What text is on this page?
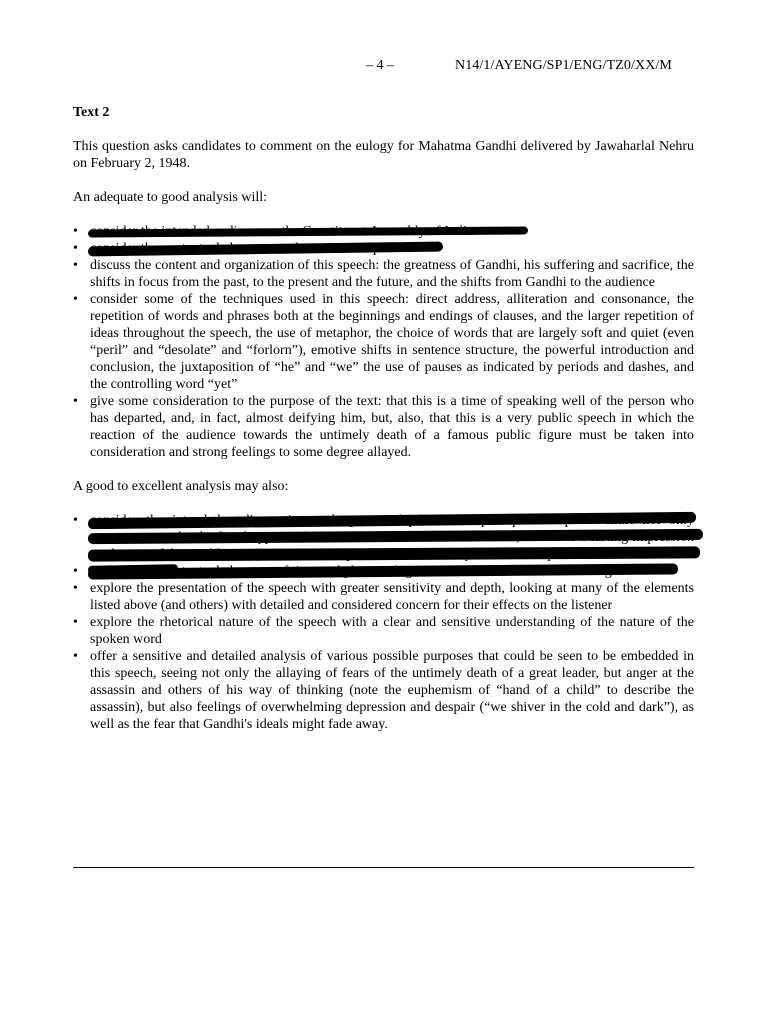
– 4 –	N14/1/AYENG/SP1/ENG/TZ0/XX/M
Text 2
This question asks candidates to comment on the eulogy for Mahatma Gandhi delivered by Jawaharlal Nehru on February 2, 1948.
An adequate to good analysis will:
•
•
• discuss the content and organization of this speech: the greatness of Gandhi, his suffering and sacrifice, the shifts in focus from the past, to the present and the future, and the shifts from Gandhi to the audience
• consider some of the techniques used in this speech: direct address, alliteration and consonance, the repetition of words and phrases both at the beginnings and endings of clauses, and the larger repetition of ideas throughout the speech, the use of metaphor, the choice of words that are largely soft and quiet (even “peril” and “desolate” and “forlorn”), emotive shifts in sentence structure, the powerful introduction and conclusion, the juxtaposition of “he” and “we” the use of pauses as indicated by periods and dashes, and the controlling word “yet”
• give some consideration to the purpose of the text: that this is a time of speaking well of the person who has departed, and, in fact, almost deifying him, but, also, that this is a very public speech in which the reaction of the audience towards the untimely death of a famous public figure must be taken into consideration and strong feelings to some degree allayed.
A good to excellent analysis may also:
•
•
• explore the presentation of the speech with greater sensitivity and depth, looking at many of the elements listed above (and others) with detailed and considered concern for their effects on the listener
• explore the rhetorical nature of the speech with a clear and sensitive understanding of the nature of the spoken word
• offer a sensitive and detailed analysis of various possible purposes that could be seen to be embedded in this speech, seeing not only the allaying of fears of the untimely death of a great leader, but anger at the assassin and others of his way of thinking (note the euphemism of “hand of a child” to describe the assassin), but also feelings of overwhelming depression and despair (“we shiver in the cold and dark”), as well as the fear that Gandhi's ideals might fade away.
